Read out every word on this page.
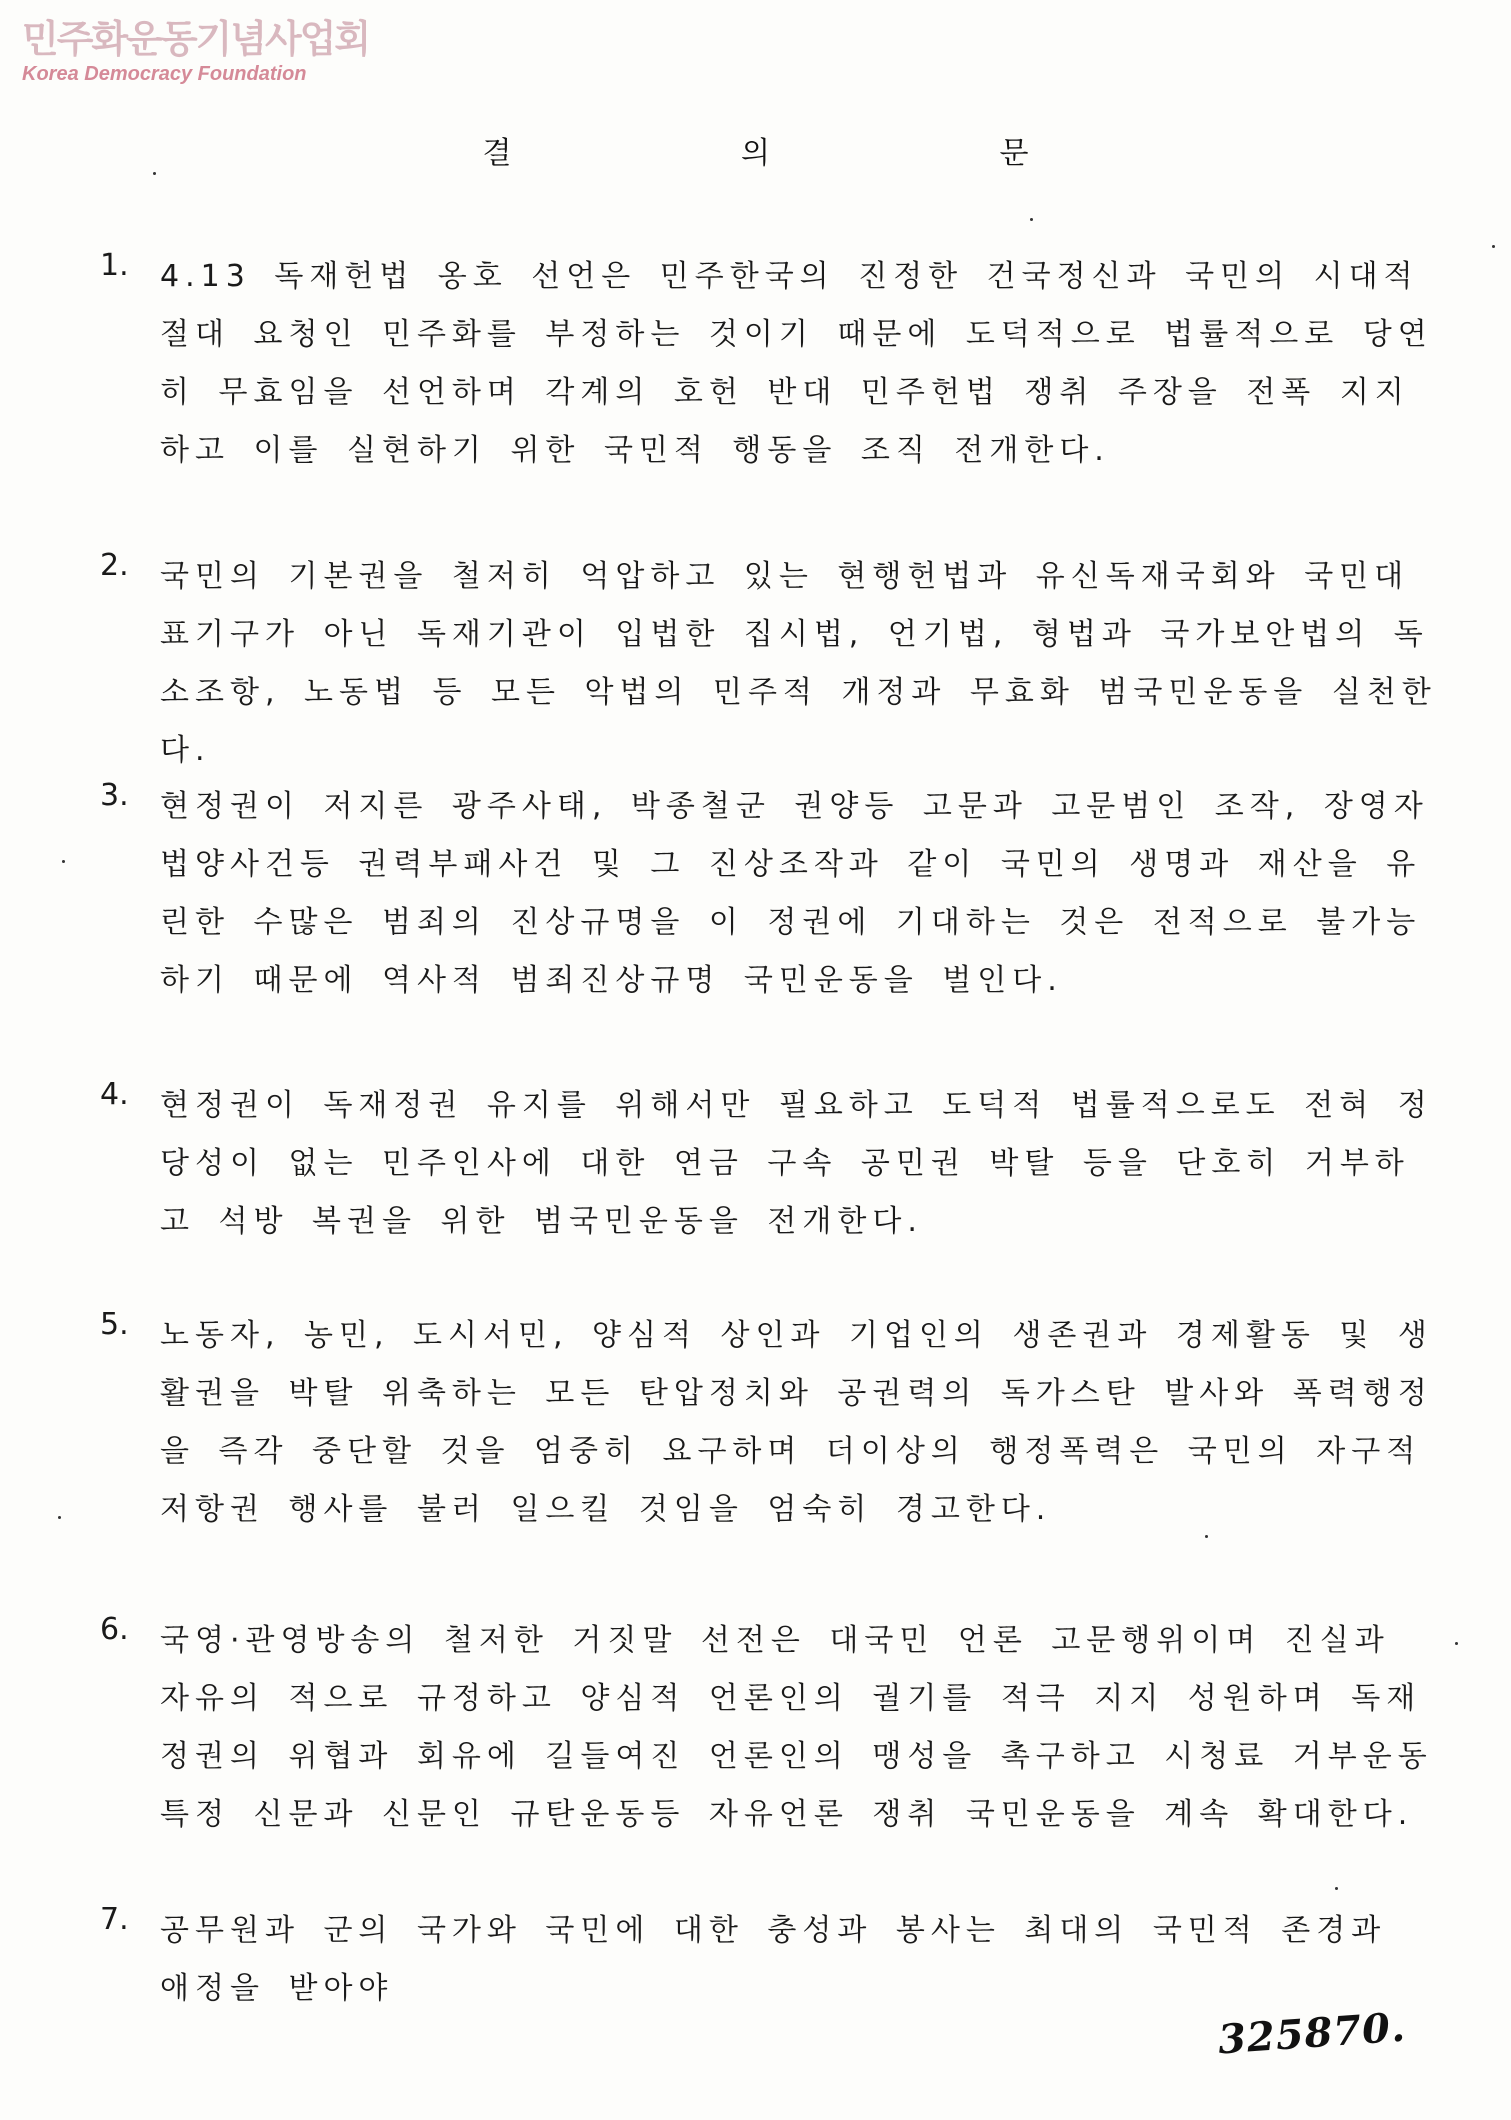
민주화운동기념사업회
Korea Democracy Foundation
결 의 문
1.	4.13 독재헌법 옹호 선언은 민주한국의 진정한 건국정신과 국민의 시대적 절대 요청인 민주화를 부정하는 것이기 때문에 도덕적으로 법률적으로 당연히 무효임을 선언하며 각계의 호헌 반대 민주헌법 쟁취 주장을 전폭 지지하고 이를 실현하기 위한 국민적 행동을 조직 전개한다.
2.	국민의 기본권을 철저히 억압하고 있는 현행헌법과 유신독재국회와 국민대표기구가 아닌 독재기관이 입법한 집시법, 언기법, 형법과 국가보안법의 독소조항, 노동법 등 모든 악법의 민주적 개정과 무효화 범국민운동을 실천한다.
3.	현정권이 저지른 광주사태, 박종철군 권양등 고문과 고문범인 조작, 장영자 법양사건등 권력부패사건 및 그 진상조작과 같이 국민의 생명과 재산을 유린한 수많은 범죄의 진상규명을 이 정권에 기대하는 것은 전적으로 불가능 하기 때문에 역사적 범죄진상규명 국민운동을 벌인다.
4.	현정권이 독재정권 유지를 위해서만 필요하고 도덕적 법률적으로도 전혀 정당성이 없는 민주인사에 대한 연금 구속 공민권 박탈 등을 단호히 거부하고 석방 복권을 위한 범국민운동을 전개한다.
5.	노동자, 농민, 도시서민, 양심적 상인과 기업인의 생존권과 경제활동 및 생활권을 박탈 위축하는 모든 탄압정치와 공권력의 독가스탄 발사와 폭력행정을 즉각 중단할 것을 엄중히 요구하며 더이상의 행정폭력은 국민의 자구적 저항권 행사를 불러 일으킬 것임을 엄숙히 경고한다.
6.	국영·관영방송의 철저한 거짓말 선전은 대국민 언론 고문행위이며 진실과 자유의 적으로 규정하고 양심적 언론인의 궐기를 적극 지지 성원하며 독재정권의 위협과 회유에 길들여진 언론인의 맹성을 촉구하고 시청료 거부운동 특정 신문과 신문인 규탄운동등 자유언론 쟁취 국민운동을 계속 확대한다.
7.	공무원과 군의 국가와 국민에 대한 충성과 봉사는 최대의 국민적 존경과 애정을 받아야
325870.
